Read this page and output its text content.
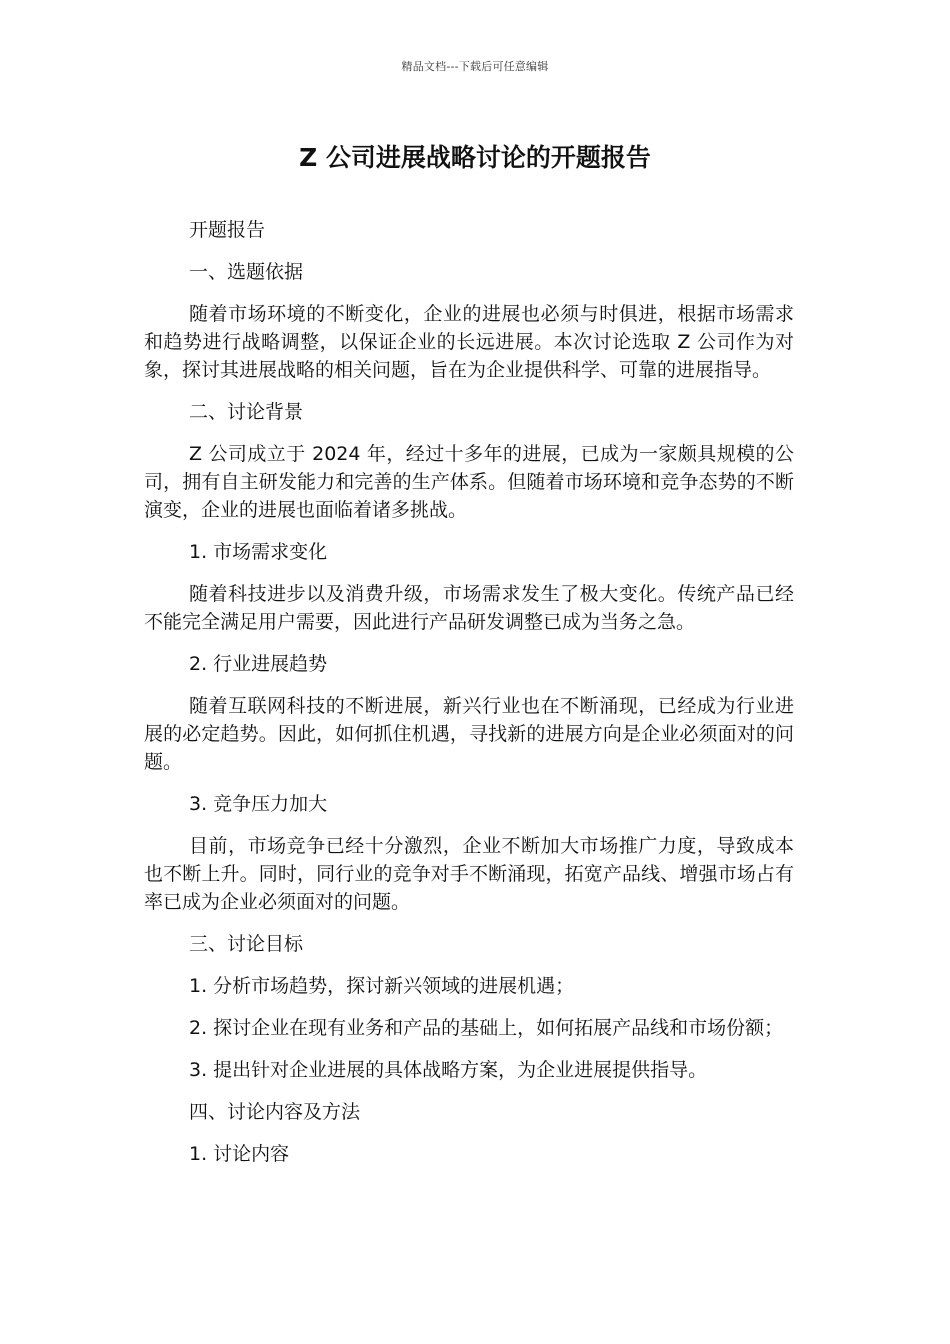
精品文档---下载后可任意编辑
Z 公司进展战略讨论的开题报告

开题报告

一、选题依据

随着市场环境的不断变化，企业的进展也必须与时俱进，根据市场需求和趋势进行战略调整，以保证企业的长远进展。本次讨论选取 Z 公司作为对象，探讨其进展战略的相关问题，旨在为企业提供科学、可靠的进展指导。

二、讨论背景

Z 公司成立于 2024 年，经过十多年的进展，已成为一家颇具规模的公司，拥有自主研发能力和完善的生产体系。但随着市场环境和竞争态势的不断演变，企业的进展也面临着诸多挑战。

1. 市场需求变化

随着科技进步以及消费升级，市场需求发生了极大变化。传统产品已经不能完全满足用户需要，因此进行产品研发调整已成为当务之急。

2. 行业进展趋势

随着互联网科技的不断进展，新兴行业也在不断涌现，已经成为行业进展的必定趋势。因此，如何抓住机遇，寻找新的进展方向是企业必须面对的问题。

3. 竞争压力加大

目前，市场竞争已经十分激烈，企业不断加大市场推广力度，导致成本也不断上升。同时，同行业的竞争对手不断涌现，拓宽产品线、增强市场占有率已成为企业必须面对的问题。

三、讨论目标

1. 分析市场趋势，探讨新兴领域的进展机遇；

2. 探讨企业在现有业务和产品的基础上，如何拓展产品线和市场份额；

3. 提出针对企业进展的具体战略方案，为企业进展提供指导。

四、讨论内容及方法

1. 讨论内容
